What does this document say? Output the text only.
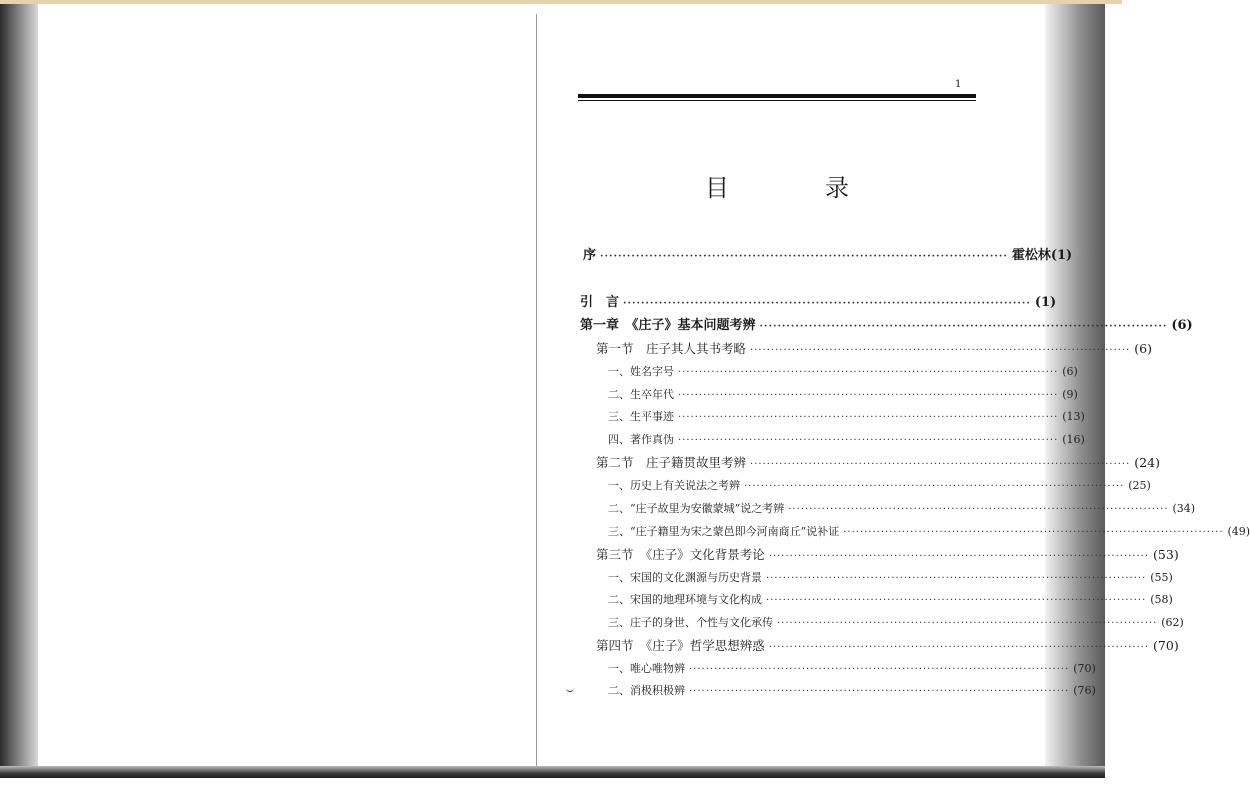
1
目　录
序 ··························································································· 霍松林(1)
引　言 ··························································································· (1)
第一章　《庄子》基本问题考辨 ··························································································· (6)
第一节　庄子其人其书考略 ··························································································· (6)
一、姓名字号 ··························································································· (6)
二、生卒年代 ··························································································· (9)
三、生平事迹 ··························································································· (13)
四、著作真伪 ··························································································· (16)
第二节　庄子籍贯故里考辨 ··························································································· (24)
一、历史上有关说法之考辨 ··························································································· (25)
二、“庄子故里为安徽蒙城”说之考辨 ··························································································· (34)
三、“庄子籍里为宋之蒙邑即今河南商丘”说补证 ··························································································· (49)
第三节　《庄子》文化背景考论 ··························································································· (53)
一、宋国的文化渊源与历史背景 ··························································································· (55)
二、宋国的地理环境与文化构成 ··························································································· (58)
三、庄子的身世、个性与文化承传 ··························································································· (62)
第四节　《庄子》哲学思想辨惑 ··························································································· (70)
一、唯心唯物辨 ··························································································· (70)
二、消极积极辨 ··························································································· (76)
